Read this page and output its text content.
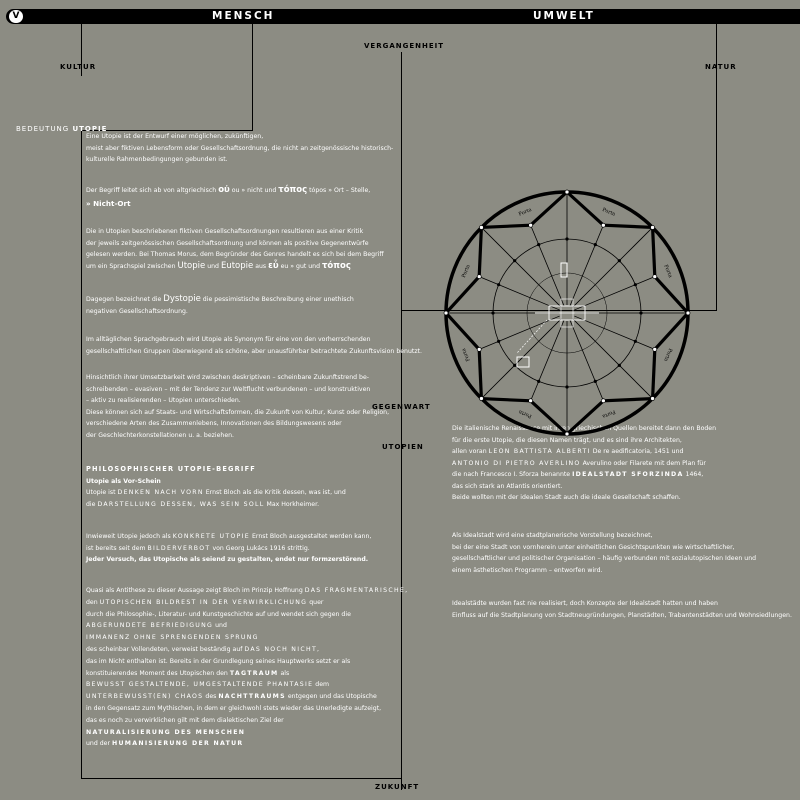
V	MENSCH	UMWELT
VERGANGENHEIT
KULTUR	NATUR
GEGENWART
UTOPIEN
ZUKUNFT
BEDEUTUNG UTOPIE

Eine Utopie ist der Entwurf einer möglichen, zukünftigen,

meist aber fiktiven Lebensform oder Gesellschaftsordnung, die nicht an zeitgenössische historisch-

kulturelle Rahmenbedingungen gebunden ist.

Der Begriff leitet sich ab von altgriechisch οὐ ou » nicht und τόπος tópos » Ort – Stelle,

» Nicht-Ort

Die in Utopien beschriebenen fiktiven Gesellschaftsordnungen resultieren aus einer Kritik

der jeweils zeitgenössischen Gesellschaftsordnung und können als positive Gegenentwürfe

gelesen werden. Bei Thomas Morus, dem Begründer des Genres handelt es sich bei dem Begriff

um ein Sprachspiel zwischen Utopie und Eutopie aus εὖ eu » gut und τόπος

Dagegen bezeichnet die Dystopie die pessimistische Beschreibung einer unethisch

negativen Gesellschaftsordnung.

Im alltäglichen Sprachgebrauch wird Utopie als Synonym für eine von den vorherrschenden

gesellschaftlichen Gruppen überwiegend als schöne, aber unausführbar betrachtete Zukunftsvision benutzt.

Hinsichtlich ihrer Umsetzbarkeit wird zwischen deskriptiven – scheinbare Zukunftstrend be-

schreibenden – evasiven – mit der Tendenz zur Weltflucht verbundenen – und konstruktiven

– aktiv zu realisierenden – Utopien unterschieden.

Diese können sich auf Staats- und Wirtschaftsformen, die Zukunft von Kultur, Kunst oder Religion,

verschiedene Arten des Zusammenlebens, Innovationen des Bildungswesens oder

der Geschlechterkonstellationen u. a. beziehen.

PHILOSOPHISCHER UTOPIE-BEGRIFF

Utopie als Vor-Schein

Utopie ist DENKEN NACH VORN Ernst Bloch als die Kritik dessen, was ist, und

die DARSTELLUNG DESSEN, WAS SEIN SOLL Max Horkheimer.

Inwieweit Utopie jedoch als KONKRETE UTOPIE Ernst Bloch ausgestaltet werden kann,

ist bereits seit dem BILDERVERBOT von Georg Lukács 1916 strittig.

Jeder Versuch, das Utopische als seiend zu gestalten, endet nur formzerstörend.

Quasi als Antithese zu dieser Aussage zeigt Bloch im Prinzip Hoffnung DAS FRAGMENTARISCHE,

den UTOPISCHEN BILDREST IN DER VERWIRKLICHUNG quer

durch die Philosophie-, Literatur- und Kunstgeschichte auf und wendet sich gegen die

ABGERUNDETE BEFRIEDIGUNG und

IMMANENZ OHNE SPRENGENDEN SPRUNG

des scheinbar Vollendeten, verweist beständig auf DAS NOCH NICHT,

das im Nicht enthalten ist. Bereits in der Grundlegung seines Hauptwerks setzt er als

konstituierendes Moment des Utopischen den TAGTRAUM als

BEWUSST GESTALTENDE, UMGESTALTENDE PHANTASIE dem

UNTERBEWUSST(EN) CHAOS des NACHTTRAUMS entgegen und das Utopische

in den Gegensatz zum Mythischen, in dem er gleichwohl stets wieder das Unerledigte aufzeigt,

das es noch zu verwirklichen gilt mit dem dialektischen Ziel der

NATURALISIERUNG DES MENSCHEN

und der HUMANISIERUNG DER NATUR

Die italienische Renaissance mit ihren griechischen Quellen bereitet dann den Boden

für die erste Utopie, die diesen Namen trägt, und es sind ihre Architekten,

allen voran LEON BATTISTA ALBERTI De re aedificatoria, 1451 und

ANTONIO DI PIETRO AVERLINO Averulino oder Filarete mit dem Plan für

die nach Francesco I. Sforza benannte IDEALSTADT SFORZINDA 1464,

das sich stark an Atlantis orientiert.

Beide wollten mit der idealen Stadt auch die ideale Gesellschaft schaffen.

Als Idealstadt wird eine stadtplanerische Vorstellung bezeichnet,

bei der eine Stadt von vornherein unter einheitlichen Gesichtspunkten wie wirtschaftlicher,

gesellschaftlicher und politischer Organisation – häufig verbunden mit sozialutopischen Ideen und

einem ästhetischen Programm – entworfen wird.

Idealstädte wurden fast nie realisiert, doch Konzepte der Idealstadt hatten und haben

Einfluss auf die Stadtplanung von Stadtneugründungen, Planstädten, Trabantenstädten und Wohnsiedlungen.

Porta
Porta
Porta
Porta
Porta
Porta
Porta
Porta
